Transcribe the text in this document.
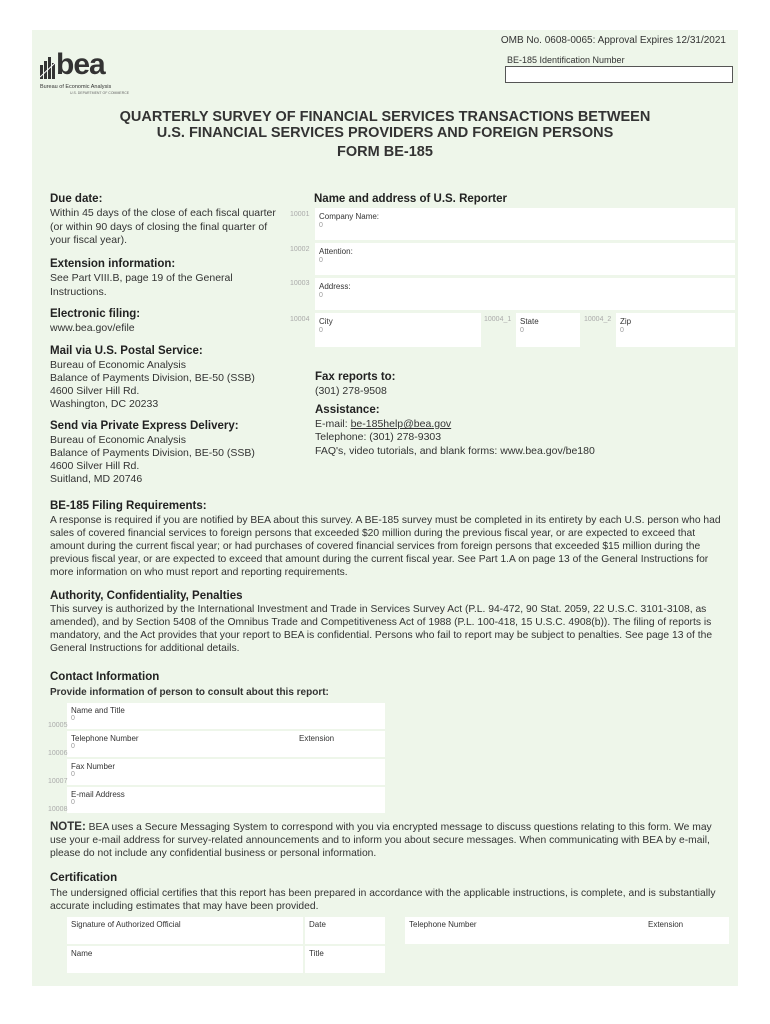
OMB No. 0608-0065: Approval Expires 12/31/2021
BE-185 Identification Number
bea
Bureau of Economic Analysis
U.S. DEPARTMENT OF COMMERCE
QUARTERLY SURVEY OF FINANCIAL SERVICES TRANSACTIONS BETWEEN
U.S. FINANCIAL SERVICES PROVIDERS AND FOREIGN PERSONS
FORM BE-185
Due date:
Within 45 days of the close of each fiscal quarter (or within 90 days of closing the final quarter of your fiscal year).
Extension information:
See Part VIII.B, page 19 of the General Instructions.
Electronic filing:
www.bea.gov/efile
Mail via U.S. Postal Service:
Bureau of Economic Analysis
Balance of Payments Division, BE-50 (SSB)
4600 Silver Hill Rd.
Washington, DC 20233
Send via Private Express Delivery:
Bureau of Economic Analysis
Balance of Payments Division, BE-50 (SSB)
4600 Silver Hill Rd.
Suitland, MD 20746
Name and address of U.S. Reporter
10001 Company Name:
0
10002 Attention:
0
10003 Address:
0
10004 City
0
10004_1 State
0
10004_2 Zip
0
Fax reports to:
(301) 278-9508
Assistance:
E-mail: be-185help@bea.gov
Telephone: (301) 278-9303
FAQ's, video tutorials, and blank forms: www.bea.gov/be180
BE-185 Filing Requirements:
A response is required if you are notified by BEA about this survey. A BE-185 survey must be completed in its entirety by each U.S. person who had sales of covered financial services to foreign persons that exceeded $20 million during the previous fiscal year, or are expected to exceed that amount during the current fiscal year; or had purchases of covered financial services from foreign persons that exceeded $15 million during the previous fiscal year, or are expected to exceed that amount during the current fiscal year. See Part 1.A on page 13 of the General Instructions for more information on who must report and reporting requirements.
Authority, Confidentiality, Penalties
This survey is authorized by the International Investment and Trade in Services Survey Act (P.L. 94-472, 90 Stat. 2059, 22 U.S.C. 3101-3108, as amended), and by Section 5408 of the Omnibus Trade and Competitiveness Act of 1988 (P.L. 100-418, 15 U.S.C. 4908(b)). The filing of reports is mandatory, and the Act provides that your report to BEA is confidential. Persons who fail to report may be subject to penalties. See page 13 of the General Instructions for additional details.
Contact Information
Provide information of person to consult about this report:
Name and Title
0
10005
Telephone Number
0
Extension
10006
Fax Number
0
10007
E-mail Address
0
10008
NOTE: BEA uses a Secure Messaging System to correspond with you via encrypted message to discuss questions relating to this form. We may use your e-mail address for survey-related announcements and to inform you about secure messages. When communicating with BEA by e-mail, please do not include any confidential business or personal information.
Certification
The undersigned official certifies that this report has been prepared in accordance with the applicable instructions, is complete, and is substantially accurate including estimates that may have been provided.
Signature of Authorized Official	Date	Telephone Number	Extension
Name	Title
